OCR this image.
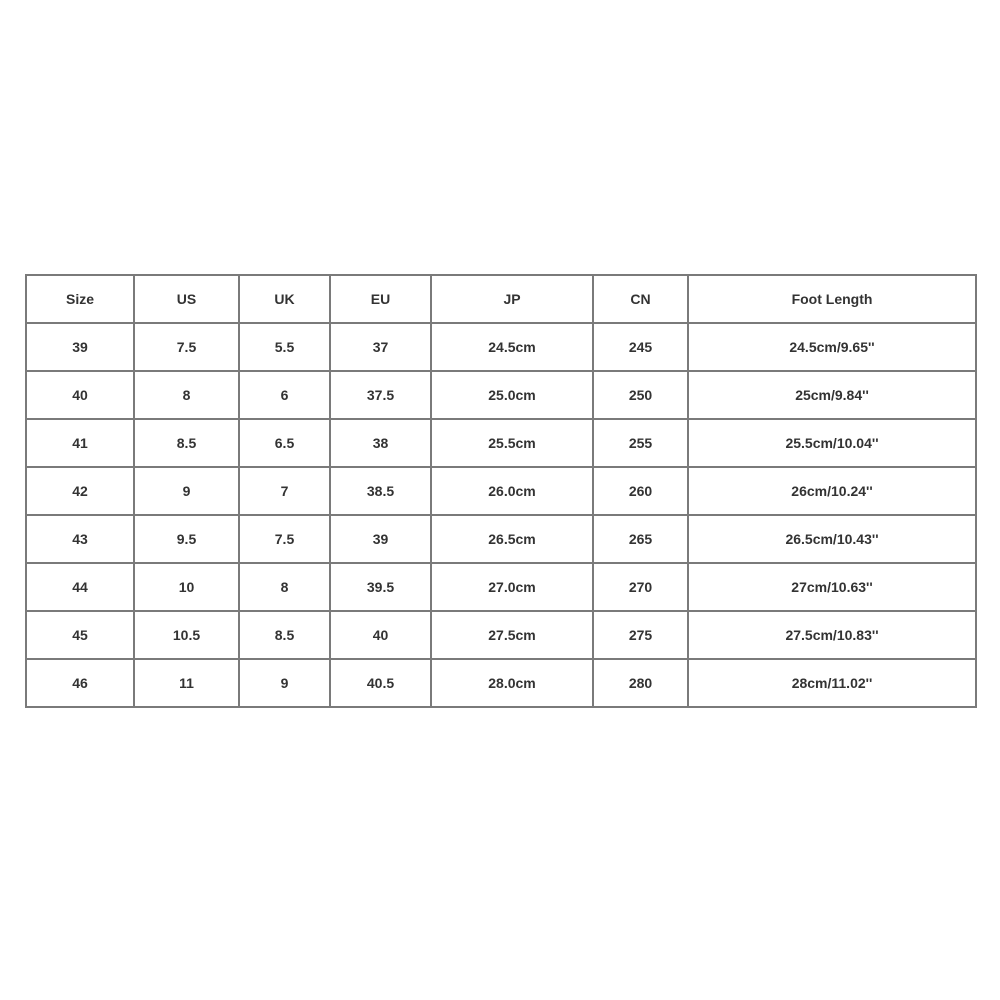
Size	US	UK	EU	JP	CN	Foot Length
39	7.5	5.5	37	24.5cm	245	24.5cm/9.65''
40	8	6	37.5	25.0cm	250	25cm/9.84''
41	8.5	6.5	38	25.5cm	255	25.5cm/10.04''
42	9	7	38.5	26.0cm	260	26cm/10.24''
43	9.5	7.5	39	26.5cm	265	26.5cm/10.43''
44	10	8	39.5	27.0cm	270	27cm/10.63''
45	10.5	8.5	40	27.5cm	275	27.5cm/10.83''
46	11	9	40.5	28.0cm	280	28cm/11.02''
